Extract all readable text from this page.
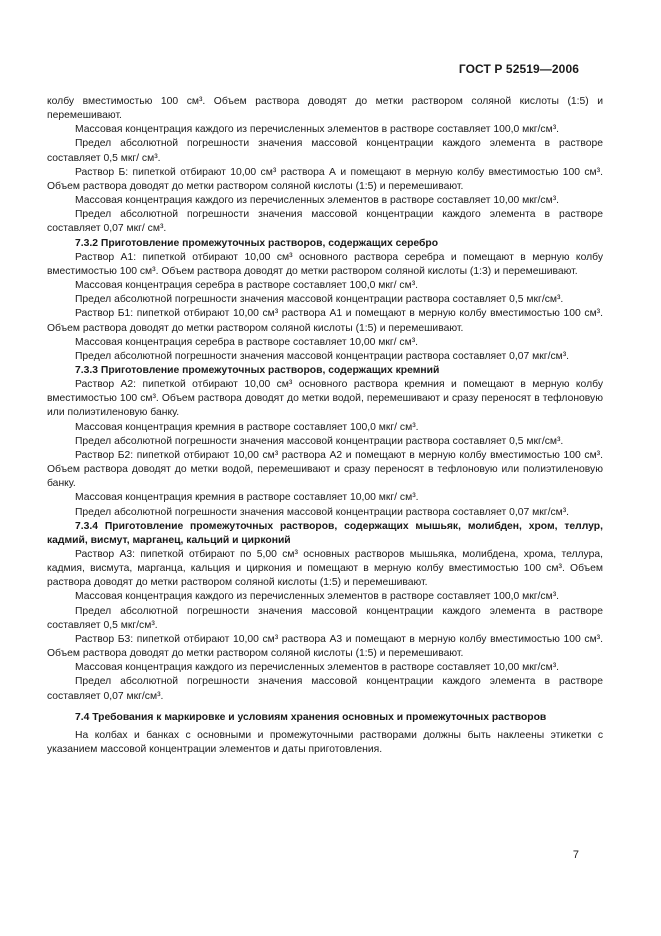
ГОСТ Р 52519—2006

колбу вместимостью 100 см³. Объем раствора доводят до метки раствором соляной кислоты (1:5) и перемешивают.

Массовая концентрация каждого из перечисленных элементов в растворе составляет 100,0 мкг/см³.

Предел абсолютной погрешности значения массовой концентрации каждого элемента в растворе составляет 0,5 мкг/ см³.

Раствор Б: пипеткой отбирают 10,00 см³ раствора А и помещают в мерную колбу вместимостью 100 см³. Объем раствора доводят до метки раствором соляной кислоты (1:5) и перемешивают.

Массовая концентрация каждого из перечисленных элементов в растворе составляет 10,00 мкг/см³.

Предел абсолютной погрешности значения массовой концентрации каждого элемента в растворе составляет 0,07 мкг/ см³.

7.3.2 Приготовление промежуточных растворов, содержащих серебро

Раствор А1: пипеткой отбирают 10,00 см³ основного раствора серебра и помещают в мерную колбу вместимостью 100 см³. Объем раствора доводят до метки раствором соляной кислоты (1:3) и перемешивают.

Массовая концентрация серебра в растворе составляет 100,0 мкг/ см³.

Предел абсолютной погрешности значения массовой концентрации раствора составляет 0,5 мкг/см³.

Раствор Б1: пипеткой отбирают 10,00 см³ раствора А1 и помещают в мерную колбу вместимостью 100 см³. Объем раствора доводят до метки раствором соляной кислоты (1:5) и перемешивают.

Массовая концентрация серебра в растворе составляет 10,00 мкг/ см³.

Предел абсолютной погрешности значения массовой концентрации раствора составляет 0,07 мкг/см³.

7.3.3 Приготовление промежуточных растворов, содержащих кремний

Раствор А2: пипеткой отбирают 10,00 см³ основного раствора кремния и помещают в мерную колбу вместимостью 100 см³. Объем раствора доводят до метки водой, перемешивают и сразу переносят в тефлоновую или полиэтиленовую банку.

Массовая концентрация кремния в растворе составляет 100,0 мкг/ см³.

Предел абсолютной погрешности значения массовой концентрации раствора составляет 0,5 мкг/см³.

Раствор Б2: пипеткой отбирают 10,00 см³ раствора А2 и помещают в мерную колбу вместимостью 100 см³. Объем раствора доводят до метки водой, перемешивают и сразу переносят в тефлоновую или полиэтиленовую банку.

Массовая концентрация кремния в растворе составляет 10,00 мкг/ см³.

Предел абсолютной погрешности значения массовой концентрации раствора составляет 0,07 мкг/см³.

7.3.4 Приготовление промежуточных растворов, содержащих мышьяк, молибден, хром, теллур, кадмий, висмут, марганец, кальций и цирконий

Раствор А3: пипеткой отбирают по 5,00 см³ основных растворов мышьяка, молибдена, хрома, теллура, кадмия, висмута, марганца, кальция и циркония и помещают в мерную колбу вместимостью 100 см³. Объем раствора доводят до метки раствором соляной кислоты (1:5) и перемешивают.

Массовая концентрация каждого из перечисленных элементов в растворе составляет 100,0 мкг/см³.

Предел абсолютной погрешности значения массовой концентрации каждого элемента в растворе составляет 0,5 мкг/см³.

Раствор Б3: пипеткой отбирают 10,00 см³ раствора А3 и помещают в мерную колбу вместимостью 100 см³. Объем раствора доводят до метки раствором соляной кислоты (1:5) и перемешивают.

Массовая концентрация каждого из перечисленных элементов в растворе составляет 10,00 мкг/см³.

Предел абсолютной погрешности значения массовой концентрации каждого элемента в растворе составляет 0,07 мкг/см³.

7.4 Требования к маркировке и условиям хранения основных и промежуточных растворов

На колбах и банках с основными и промежуточными растворами должны быть наклеены этикетки с указанием массовой концентрации элементов и даты приготовления.

7
